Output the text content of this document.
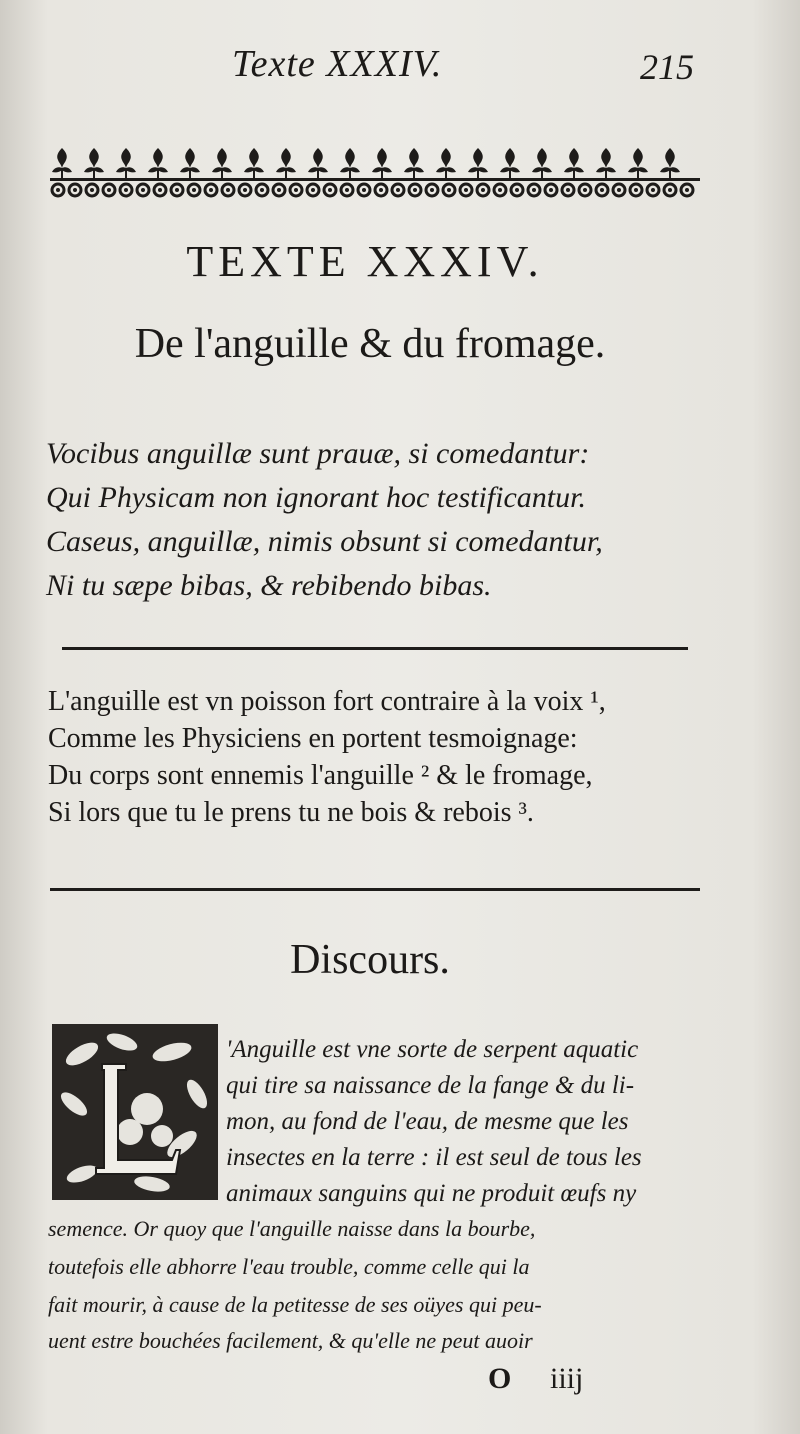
Texte XXXIV.	215
TEXTE XXXIV.
De l'anguille & du fromage.
Vocibus anguillæ sunt prauæ, si comedantur:
Qui Physicam non ignorant hoc testificantur.
Caseus, anguillæ, nimis obsunt si comedantur,
Ni tu sæpe bibas, & rebibendo bibas.
L'anguille est vn poisson fort contraire à la voix ¹,
Comme les Physiciens en portent tesmoignage:
Du corps sont ennemis l'anguille ² & le fromage,
Si lors que tu le prens tu ne bois & rebois ³.
Discours.
'Anguille est vne sorte de serpent aquatic
qui tire sa naissance de la fange & du li-
mon, au fond de l'eau, de mesme que les
insectes en la terre : il est seul de tous les
animaux sanguins qui ne produit œufs ny
semence. Or quoy que l'anguille naisse dans la bourbe,
toutefois elle abhorre l'eau trouble, comme celle qui la
fait mourir, à cause de la petitesse de ses oüyes qui peu-
uent estre bouchées facilement, & qu'elle ne peut auoir
O iiij
